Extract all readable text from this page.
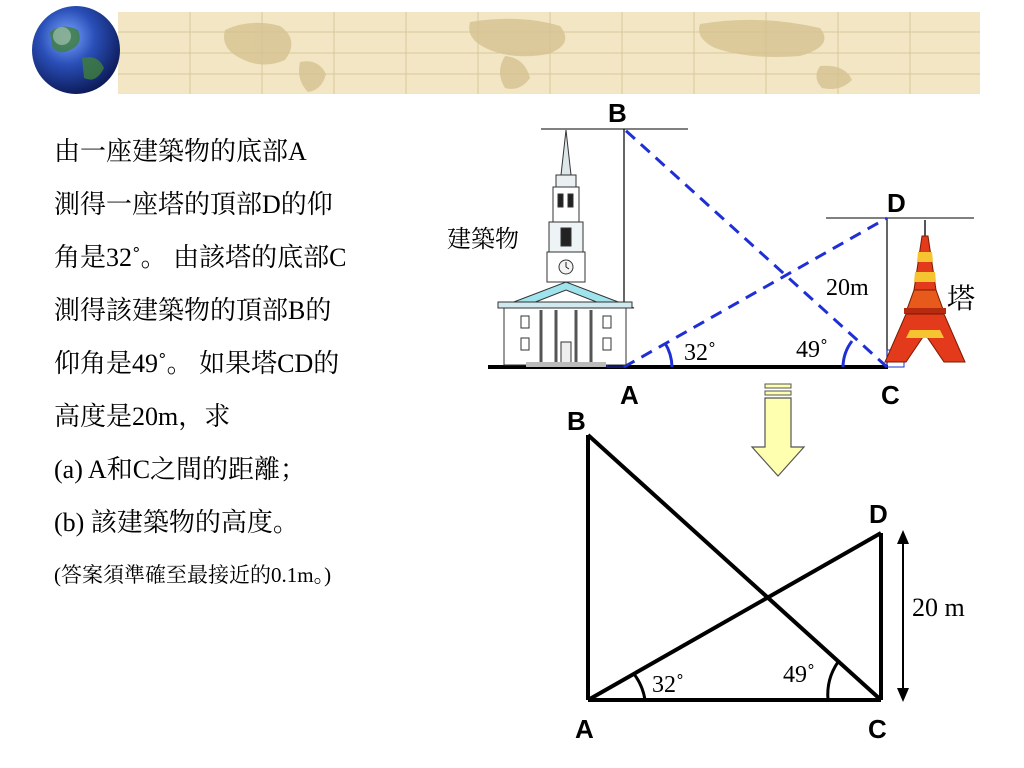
由一座建築物的底部A
測得一座塔的頂部D的仰
角是32˚。 由該塔的底部C
測得該建築物的頂部B的
仰角是49˚。 如果塔CD的
高度是20m，求
(a) A和C之間的距離；
(b) 該建築物的高度。
(答案須準確至最接近的0.1m。)
B
D
A	C
建築物
塔
20m
32˚	49˚
B
D
A	C
20 m
32˚	49˚
